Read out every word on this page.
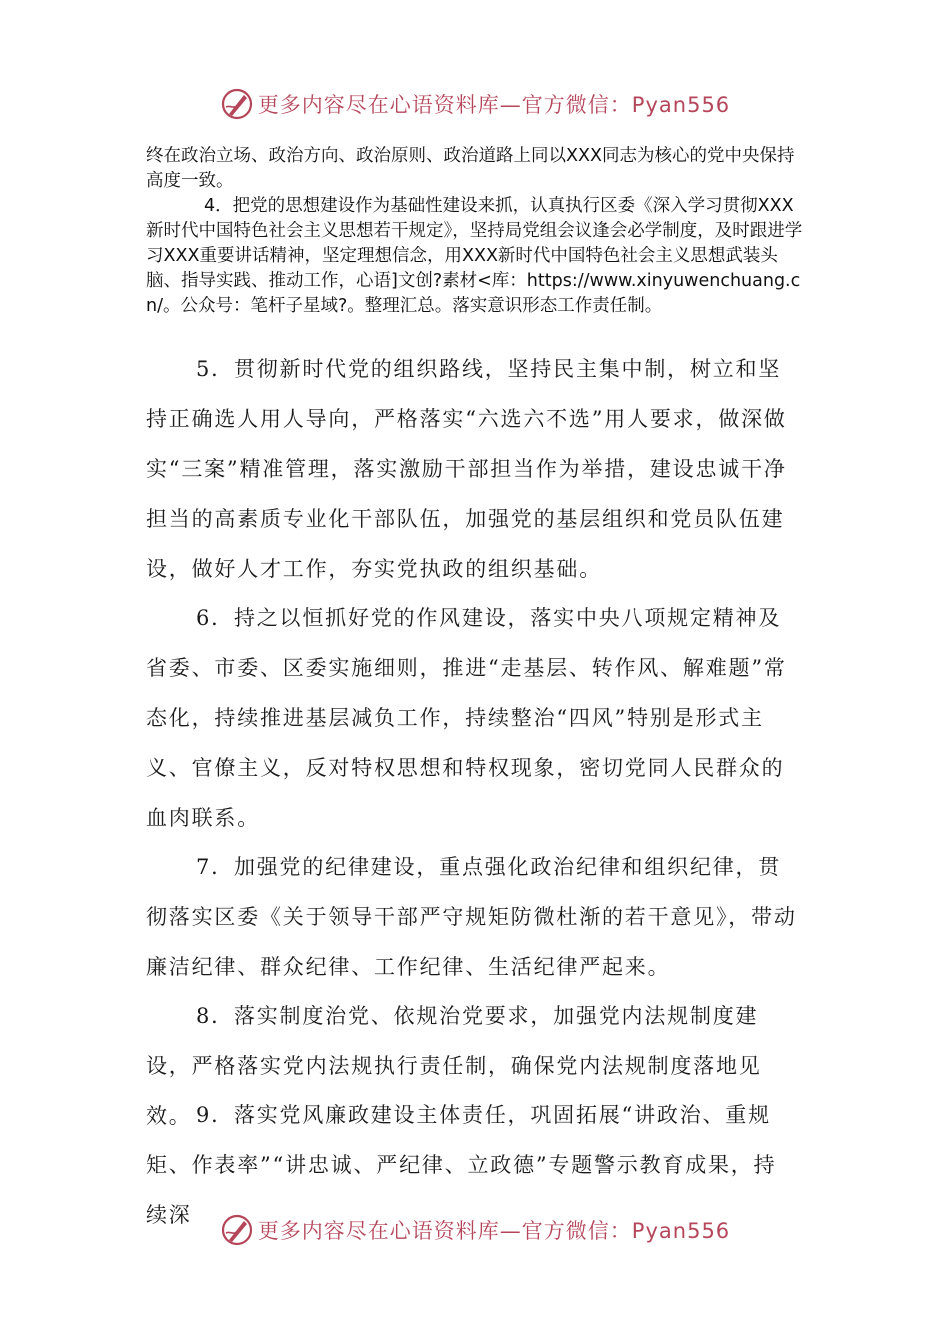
更多内容尽在心语资料库—官方微信：Pyan556
终在政治立场、政治方向、政治原则、政治道路上同以XXX同志为核心的党中央保持高度一致。
4．把党的思想建设作为基础性建设来抓，认真执行区委《深入学习贯彻XXX新时代中国特色社会主义思想若干规定》，坚持局党组会议逢会必学制度，及时跟进学习XXX重要讲话精神，坚定理想信念，用XXX新时代中国特色社会主义思想武装头脑、指导实践、推动工作，心语]文创?素材<库：https://www.xinyuwenchuang.cn/。公众号：笔杆子星域?。整理汇总。落实意识形态工作责任制。
5．贯彻新时代党的组织路线，坚持民主集中制，树立和坚持正确选人用人导向，严格落实“六选六不选”用人要求，做深做实“三案”精准管理，落实激励干部担当作为举措，建设忠诚干净担当的高素质专业化干部队伍，加强党的基层组织和党员队伍建设，做好人才工作，夯实党执政的组织基础。
6．持之以恒抓好党的作风建设，落实中央八项规定精神及省委、市委、区委实施细则，推进“走基层、转作风、解难题”常态化，持续推进基层减负工作，持续整治“四风”特别是形式主义、官僚主义，反对特权思想和特权现象，密切党同人民群众的血肉联系。
7．加强党的纪律建设，重点强化政治纪律和组织纪律，贯彻落实区委《关于领导干部严守规矩防微杜渐的若干意见》，带动廉洁纪律、群众纪律、工作纪律、生活纪律严起来。
8．落实制度治党、依规治党要求，加强党内法规制度建设，严格落实党内法规执行责任制，确保党内法规制度落地见效。 9．落实党风廉政建设主体责任，巩固拓展“讲政治、重规矩、作表率”“讲忠诚、严纪律、立政德”专题警示教育成果，持续深
更多内容尽在心语资料库—官方微信：Pyan556
